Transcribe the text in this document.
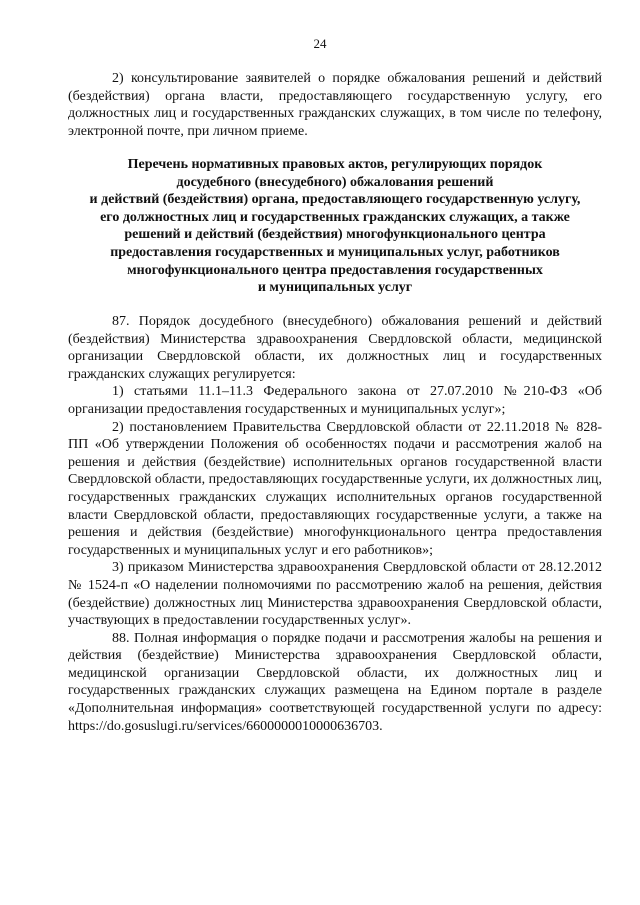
24

2) консультирование заявителей о порядке обжалования решений и действий (бездействия) органа власти, предоставляющего государственную услугу, его должностных лиц и государственных гражданских служащих, в том числе по телефону, электронной почте, при личном приеме.

Перечень нормативных правовых актов, регулирующих порядок
досудебного (внесудебного) обжалования решений
и действий (бездействия) органа, предоставляющего государственную услугу,
его должностных лиц и государственных гражданских служащих, а также
решений и действий (бездействия) многофункционального центра
предоставления государственных и муниципальных услуг, работников
многофункционального центра предоставления государственных
и муниципальных услуг

87. Порядок досудебного (внесудебного) обжалования решений и действий (бездействия) Министерства здравоохранения Свердловской области, медицинской организации Свердловской области, их должностных лиц и государственных гражданских служащих регулируется:

1) статьями 11.1–11.3 Федерального закона от 27.07.2010 №210-ФЗ «Об организации предоставления государственных и муниципальных услуг»;

2) постановлением Правительства Свердловской области от 22.11.2018 № 828-ПП «Об утверждении Положения об особенностях подачи и рассмотрения жалоб на решения и действия (бездействие) исполнительных органов государственной власти Свердловской области, предоставляющих государственные услуги, их должностных лиц, государственных гражданских служащих исполнительных органов государственной власти Свердловской области, предоставляющих государственные услуги, а также на решения и действия (бездействие) многофункционального центра предоставления государственных и муниципальных услуг и его работников»;

3) приказом Министерства здравоохранения Свердловской области от 28.12.2012 № 1524-п «О наделении полномочиями по рассмотрению жалоб на решения, действия (бездействие) должностных лиц Министерства здравоохранения Свердловской области, участвующих в предоставлении государственных услуг».

88. Полная информация о порядке подачи и рассмотрения жалобы на решения и действия (бездействие) Министерства здравоохранения Свердловской области, медицинской организации Свердловской области, их должностных лиц и государственных гражданских служащих размещена на Едином портале в разделе «Дополнительная информация» соответствующей государственной услуги по адресу: https://do.gosuslugi.ru/services/6600000010000636703.
